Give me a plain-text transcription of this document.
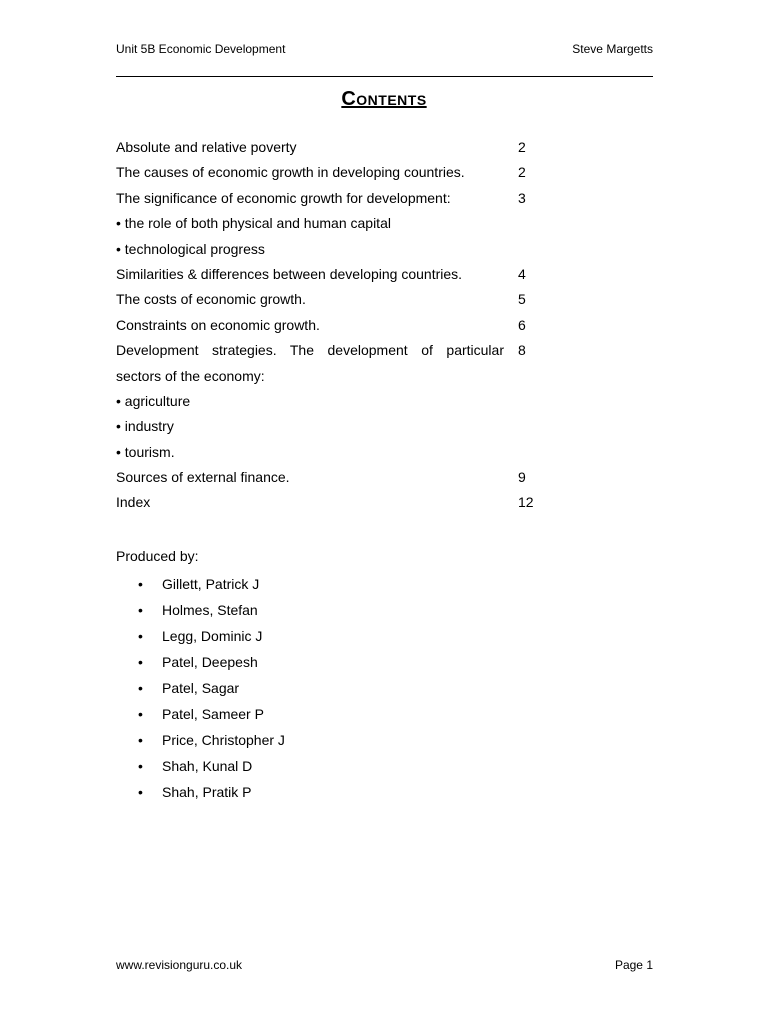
Unit 5B Economic Development	Steve Margetts
Contents
Absolute and relative poverty	2
The causes of economic growth in developing countries.	2
The significance of economic growth for development:	3
• the role of both physical and human capital
• technological progress
Similarities & differences between developing countries.	4
The costs of economic growth.	5
Constraints on economic growth.	6
Development strategies. The development of particular 8
sectors of the economy:
• agriculture
• industry
• tourism.
Sources of external finance.	9
Index	12
Produced by:
• Gillett, Patrick J
• Holmes, Stefan
• Legg, Dominic J
• Patel, Deepesh
• Patel, Sagar
• Patel, Sameer P
• Price, Christopher J
• Shah, Kunal D
• Shah, Pratik P
www.revisionguru.co.uk	Page 1
